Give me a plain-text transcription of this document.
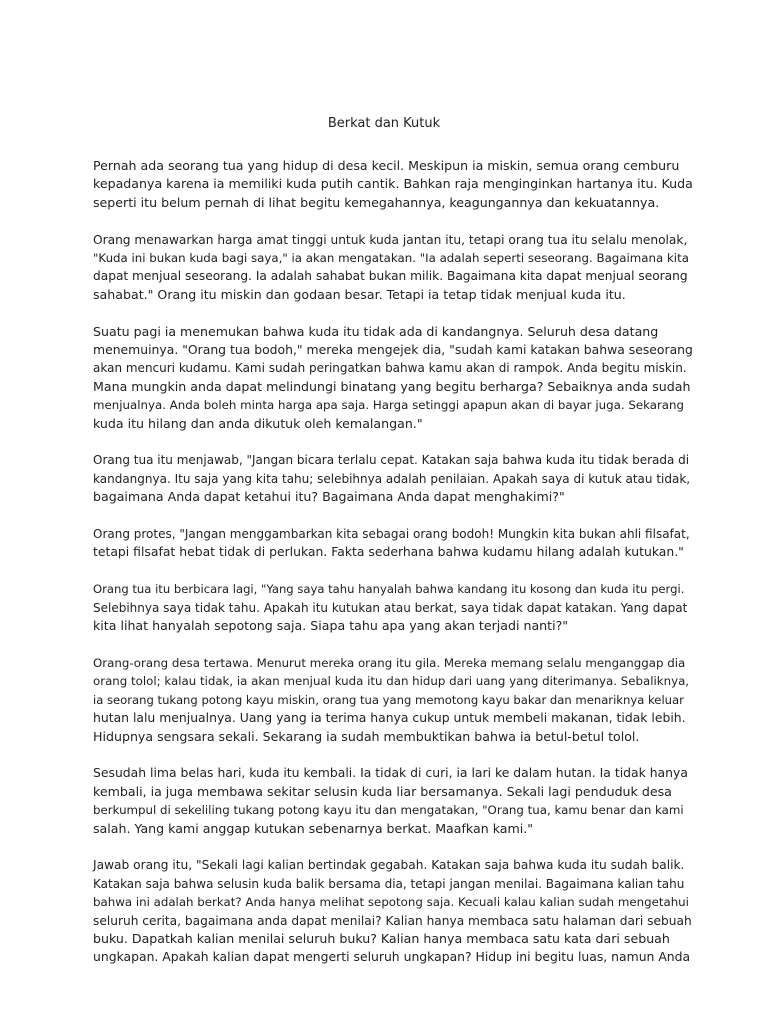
Berkat dan Kutuk

Pernah ada seorang tua yang hidup di desa kecil. Meskipun ia miskin, semua orang cemburu
kepadanya karena ia memiliki kuda putih cantik. Bahkan raja menginginkan hartanya itu. Kuda
seperti itu belum pernah di lihat begitu kemegahannya, keagungannya dan kekuatannya.

Orang menawarkan harga amat tinggi untuk kuda jantan itu, tetapi orang tua itu selalu menolak,
"Kuda ini bukan kuda bagi saya," ia akan mengatakan. "Ia adalah seperti seseorang. Bagaimana kita
dapat menjual seseorang. Ia adalah sahabat bukan milik. Bagaimana kita dapat menjual seorang
sahabat." Orang itu miskin dan godaan besar. Tetapi ia tetap tidak menjual kuda itu.

Suatu pagi ia menemukan bahwa kuda itu tidak ada di kandangnya. Seluruh desa datang
menemuinya. "Orang tua bodoh," mereka mengejek dia, "sudah kami katakan bahwa seseorang
akan mencuri kudamu. Kami sudah peringatkan bahwa kamu akan di rampok. Anda begitu miskin.
Mana mungkin anda dapat melindungi binatang yang begitu berharga? Sebaiknya anda sudah
menjualnya. Anda boleh minta harga apa saja. Harga setinggi apapun akan di bayar juga. Sekarang
kuda itu hilang dan anda dikutuk oleh kemalangan."

Orang tua itu menjawab, "Jangan bicara terlalu cepat. Katakan saja bahwa kuda itu tidak berada di
kandangnya. Itu saja yang kita tahu; selebihnya adalah penilaian. Apakah saya di kutuk atau tidak,
bagaimana Anda dapat ketahui itu? Bagaimana Anda dapat menghakimi?"

Orang protes, "Jangan menggambarkan kita sebagai orang bodoh! Mungkin kita bukan ahli filsafat,
tetapi filsafat hebat tidak di perlukan. Fakta sederhana bahwa kudamu hilang adalah kutukan."

Orang tua itu berbicara lagi, "Yang saya tahu hanyalah bahwa kandang itu kosong dan kuda itu pergi.
Selebihnya saya tidak tahu. Apakah itu kutukan atau berkat, saya tidak dapat katakan. Yang dapat
kita lihat hanyalah sepotong saja. Siapa tahu apa yang akan terjadi nanti?"

Orang-orang desa tertawa. Menurut mereka orang itu gila. Mereka memang selalu menganggap dia
orang tolol; kalau tidak, ia akan menjual kuda itu dan hidup dari uang yang diterimanya. Sebaliknya,
ia seorang tukang potong kayu miskin, orang tua yang memotong kayu bakar dan menariknya keluar
hutan lalu menjualnya. Uang yang ia terima hanya cukup untuk membeli makanan, tidak lebih.
Hidupnya sengsara sekali. Sekarang ia sudah membuktikan bahwa ia betul-betul tolol.

Sesudah lima belas hari, kuda itu kembali. Ia tidak di curi, ia lari ke dalam hutan. Ia tidak hanya
kembali, ia juga membawa sekitar selusin kuda liar bersamanya. Sekali lagi penduduk desa
berkumpul di sekeliling tukang potong kayu itu dan mengatakan, "Orang tua, kamu benar dan kami
salah. Yang kami anggap kutukan sebenarnya berkat. Maafkan kami."

Jawab orang itu, "Sekali lagi kalian bertindak gegabah. Katakan saja bahwa kuda itu sudah balik.
Katakan saja bahwa selusin kuda balik bersama dia, tetapi jangan menilai. Bagaimana kalian tahu
bahwa ini adalah berkat? Anda hanya melihat sepotong saja. Kecuali kalau kalian sudah mengetahui
seluruh cerita, bagaimana anda dapat menilai? Kalian hanya membaca satu halaman dari sebuah
buku. Dapatkah kalian menilai seluruh buku? Kalian hanya membaca satu kata dari sebuah
ungkapan. Apakah kalian dapat mengerti seluruh ungkapan? Hidup ini begitu luas, namun Anda
